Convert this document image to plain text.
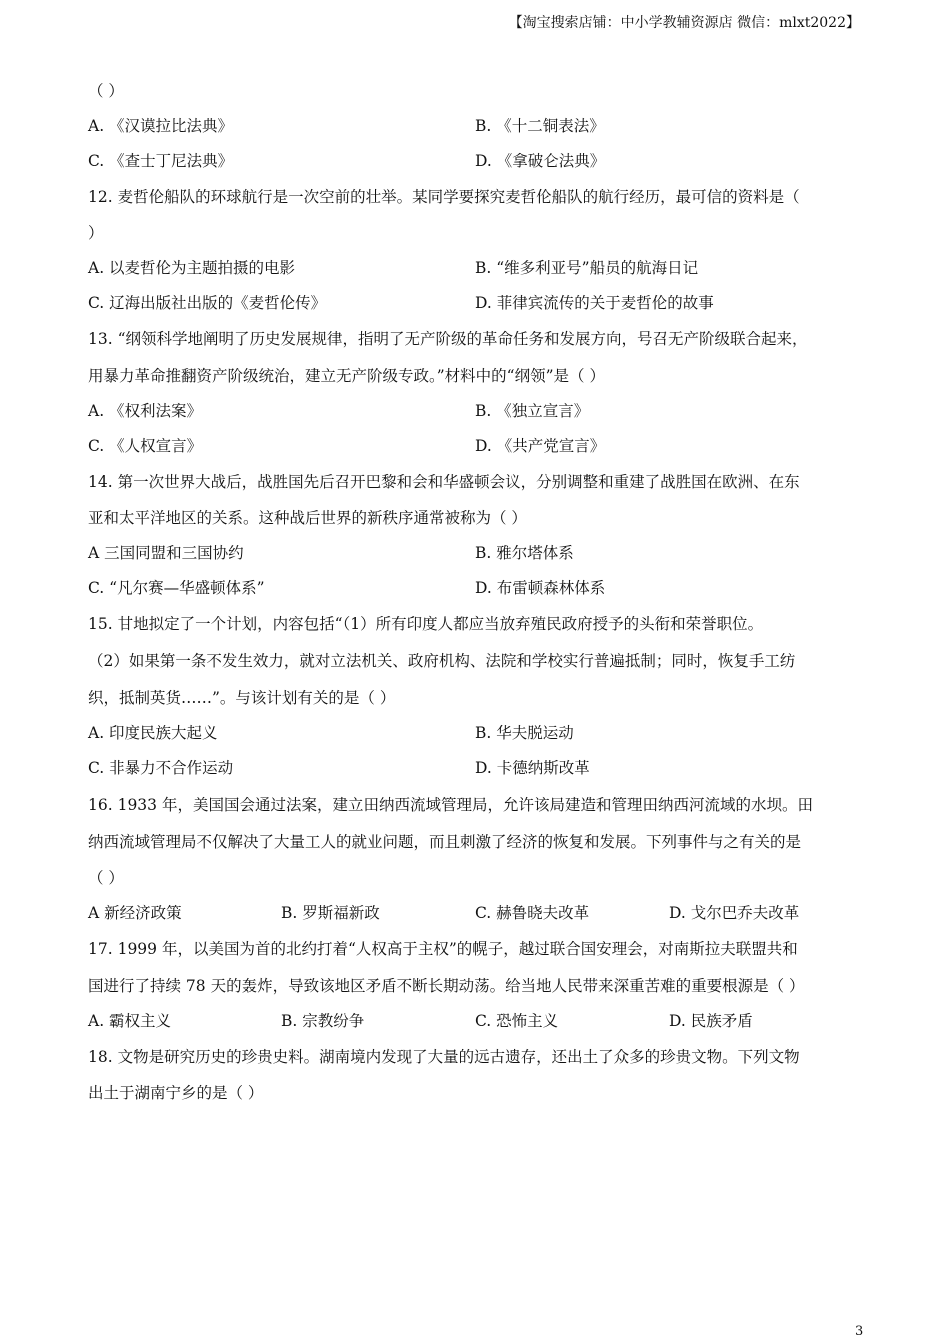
【淘宝搜索店铺：中小学教辅资源店 微信：mlxt2022】
（ ）
A. 《汉谟拉比法典》	B. 《十二铜表法》
C. 《查士丁尼法典》	D. 《拿破仑法典》
12. 麦哲伦船队的环球航行是一次空前的壮举。某同学要探究麦哲伦船队的航行经历，最可信的资料是（
）
A. 以麦哲伦为主题拍摄的电影	B. “维多利亚号”船员的航海日记
C. 辽海出版社出版的《麦哲伦传》	D. 菲律宾流传的关于麦哲伦的故事
13. “纲领科学地阐明了历史发展规律，指明了无产阶级的革命任务和发展方向，号召无产阶级联合起来，
用暴力革命推翻资产阶级统治，建立无产阶级专政。”材料中的“纲领”是（ ）
A. 《权利法案》	B. 《独立宣言》
C. 《人权宣言》	D. 《共产党宣言》
14. 第一次世界大战后，战胜国先后召开巴黎和会和华盛顿会议，分别调整和重建了战胜国在欧洲、在东
亚和太平洋地区的关系。这种战后世界的新秩序通常被称为（ ）
A 三国同盟和三国协约	B. 雅尔塔体系
C. “凡尔赛—华盛顿体系”	D. 布雷顿森林体系
15. 甘地拟定了一个计划，内容包括“（1）所有印度人都应当放弃殖民政府授予的头衔和荣誉职位。
（2）如果第一条不发生效力，就对立法机关、政府机构、法院和学校实行普遍抵制；同时，恢复手工纺
织，抵制英货……”。与该计划有关的是（ ）
A. 印度民族大起义	B. 华夫脱运动
C. 非暴力不合作运动	D. 卡德纳斯改革
16. 1933 年，美国国会通过法案，建立田纳西流域管理局，允许该局建造和管理田纳西河流域的水坝。田
纳西流域管理局不仅解决了大量工人的就业问题，而且刺激了经济的恢复和发展。下列事件与之有关的是
（ ）
A 新经济政策	B. 罗斯福新政	C. 赫鲁晓夫改革	D. 戈尔巴乔夫改革
17. 1999 年，以美国为首的北约打着“人权高于主权”的幌子，越过联合国安理会，对南斯拉夫联盟共和
国进行了持续 78 天的轰炸，导致该地区矛盾不断长期动荡。给当地人民带来深重苦难的重要根源是（ ）
A. 霸权主义	B. 宗教纷争	C. 恐怖主义	D. 民族矛盾
18. 文物是研究历史的珍贵史料。湖南境内发现了大量的远古遗存，还出土了众多的珍贵文物。下列文物
出土于湖南宁乡的是（ ）
3
